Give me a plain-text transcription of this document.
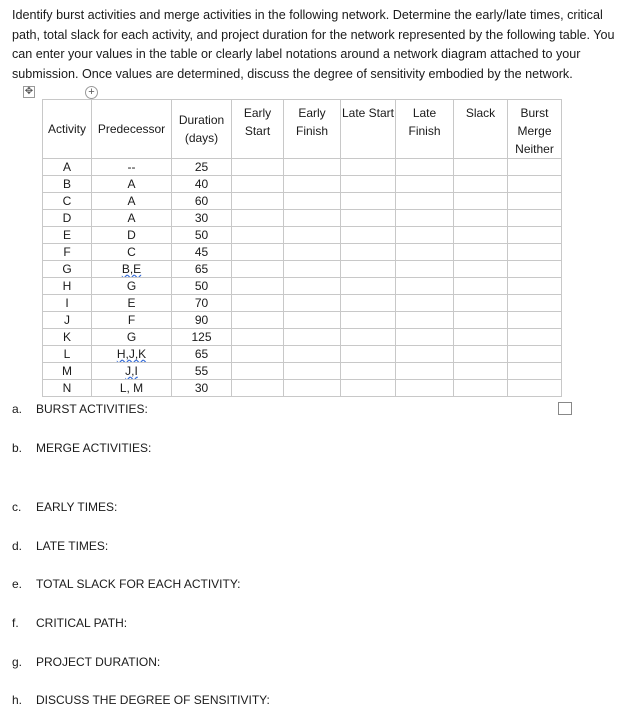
Identify burst activities and merge activities in the following network. Determine the early/late times, critical path, total slack for each activity, and project duration for the network represented by the following table. You can enter your values in the table or clearly label notations around a network diagram attached to your submission. Once values are determined, discuss the degree of sensitivity embodied by the network.

✥	+
Activity	Predecessor	Duration (days)	Early Start	Early Finish	Late Start	Late Finish	Slack	Burst Merge Neither
A	--	25						
B	A	40						
C	A	60						
D	A	30						
E	D	50						
F	C	45						
G	B,E	65						
H	G	50						
I	E	70						
J	F	90						
K	G	125						
L	H,J,K	65						
M	J,I	55						
N	L, M	30						
a. BURST ACTIVITIES:
b. MERGE ACTIVITIES:
c. EARLY TIMES:
d. LATE TIMES:
e. TOTAL SLACK FOR EACH ACTIVITY:
f. CRITICAL PATH:
g. PROJECT DURATION:
h. DISCUSS THE DEGREE OF SENSITIVITY:
